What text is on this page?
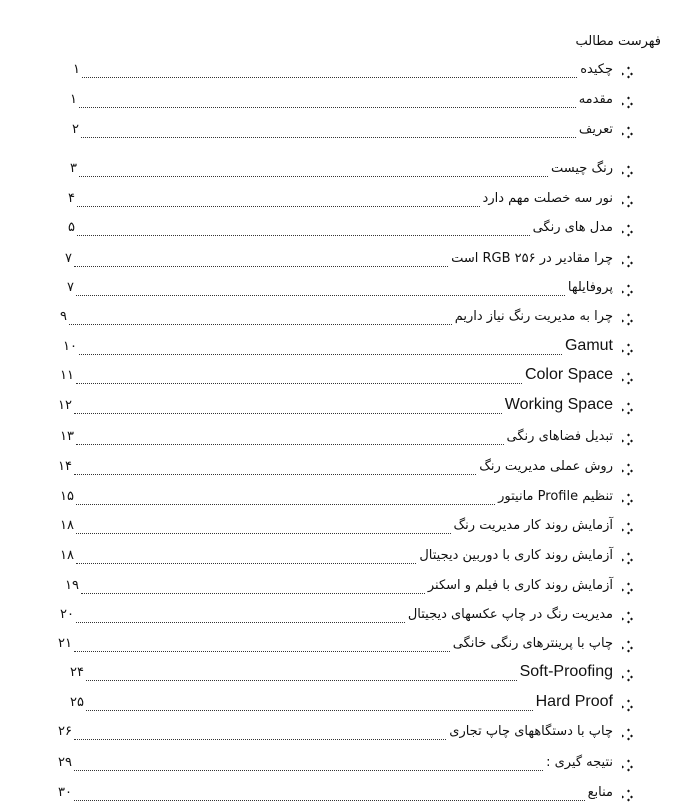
فهرست مطالب
چکیده
۱
مقدمه
۱
تعریف
۲
رنگ چیست
۳
نور سه خصلت مهم دارد
۴
مدل های رنگی
۵
چرا مقادیر در RGB ۲۵۶ است
۷
پروفایلها
۷
چرا به مدیریت رنگ نیاز داریم
۹
Gamut
۱۰
Color Space
۱۱
Working Space
۱۲
تبدیل فضاهای رنگی
۱۳
روش عملی مدیریت رنگ
۱۴
تنظیم Profile مانیتور
۱۵
آزمایش روند کار مدیریت رنگ
۱۸
آزمایش روند کاری با دوربین دیجیتال
۱۸
آزمایش روند کاری با فیلم و اسکنر
۱۹
مدیریت رنگ در چاپ عکسهای دیجیتال
۲۰
چاپ با پرینترهای رنگی خانگی
۲۱
Soft-Proofing
۲۴
Hard Proof
۲۵
چاپ با دستگاههای چاپ تجاری
۲۶
نتیجه گیری :
۲۹
منابع
۳۰
